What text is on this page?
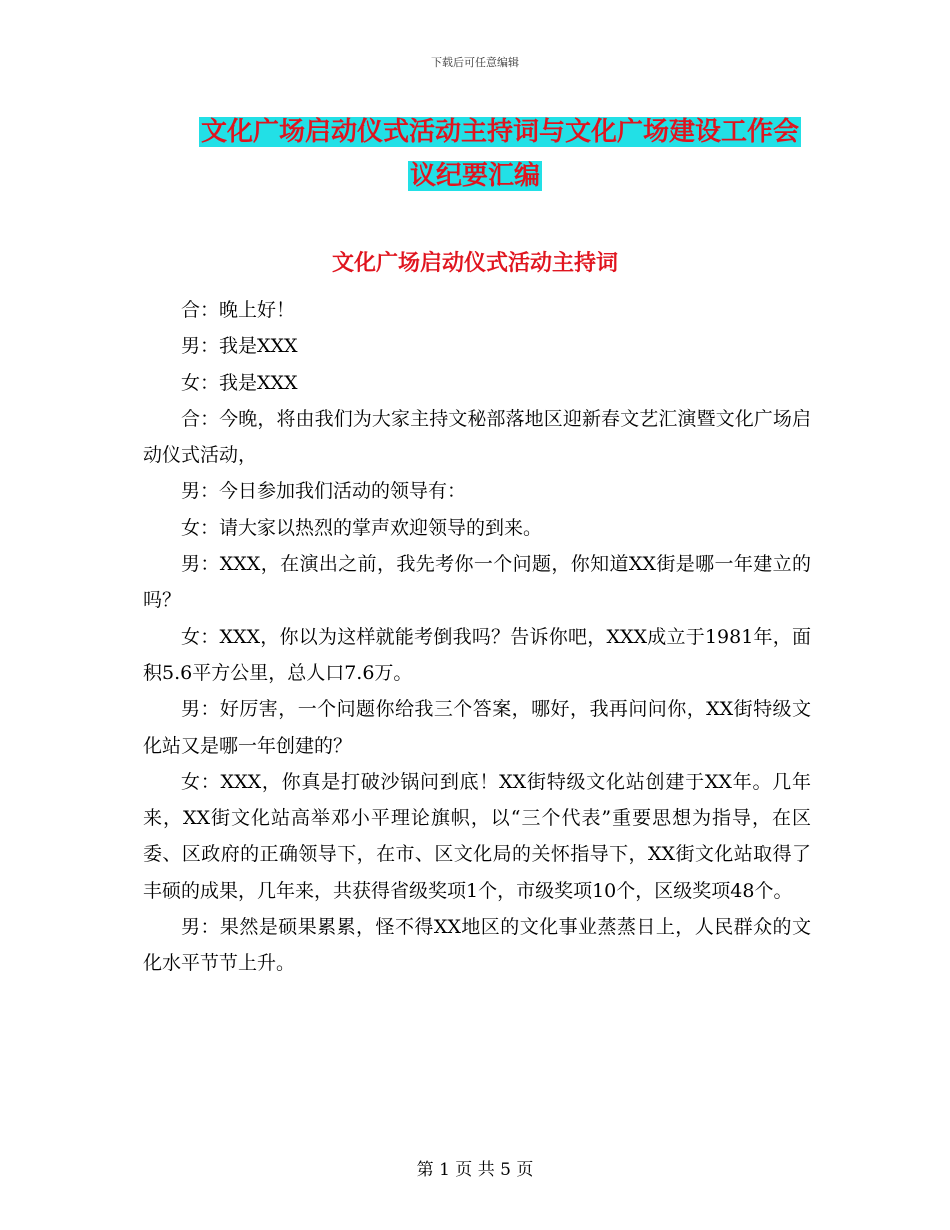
下载后可任意编辑
文化广场启动仪式活动主持词与文化广场建设工作会
议纪要汇编
文化广场启动仪式活动主持词

合：晚上好！

男：我是XXX

女：我是XXX

合：今晚，将由我们为大家主持文秘部落地区迎新春文艺汇演暨文化广场启动仪式活动，

男：今日参加我们活动的领导有：

女：请大家以热烈的掌声欢迎领导的到来。

男：XXX，在演出之前，我先考你一个问题，你知道XX街是哪一年建立的吗？

女：XXX，你以为这样就能考倒我吗？告诉你吧，XXX成立于1981年，面积5.6平方公里，总人口7.6万。

男：好厉害，一个问题你给我三个答案，哪好，我再问问你，XX街特级文化站又是哪一年创建的？

女：XXX，你真是打破沙锅问到底！XX街特级文化站创建于XX年。几年来，XX街文化站高举邓小平理论旗帜，以“三个代表”重要思想为指导，在区委、区政府的正确领导下，在市、区文化局的关怀指导下，XX街文化站取得了丰硕的成果，几年来，共获得省级奖项1个，市级奖项10个，区级奖项48个。

男：果然是硕果累累，怪不得XX地区的文化事业蒸蒸日上，人民群众的文化水平节节上升。

第 1 页 共 5 页
